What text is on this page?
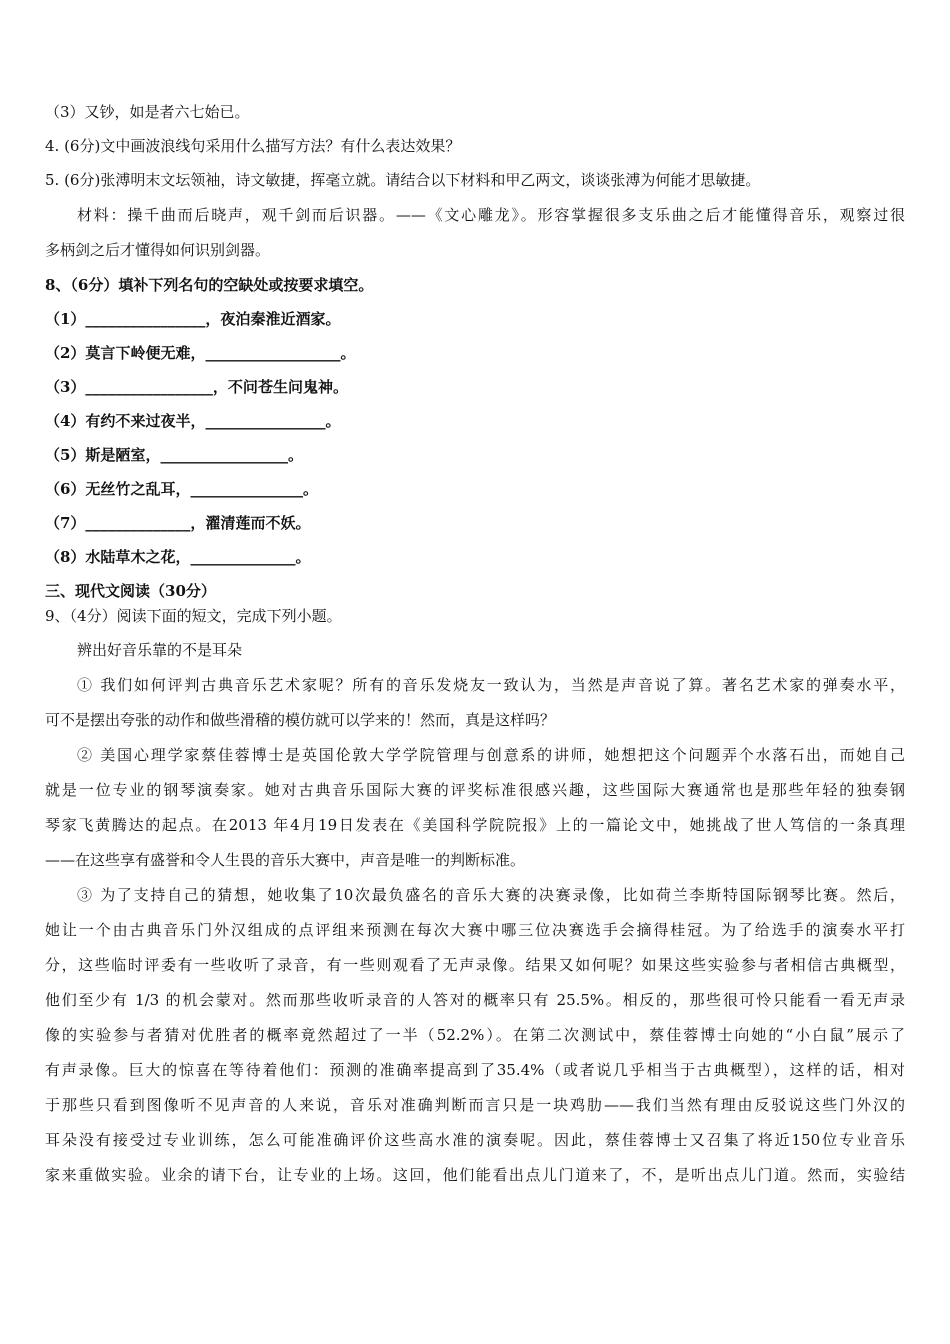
（3）又钞，如是者六七始已。
4. (6分)文中画波浪线句采用什么描写方法？有什么表达效果？
5. (6分)张溥明末文坛领袖，诗文敏捷，挥毫立就。请结合以下材料和甲乙两文，谈谈张溥为何能才思敏捷。
材料：操千曲而后晓声，观千剑而后识器。——《文心雕龙》。形容掌握很多支乐曲之后才能懂得音乐，观察过很
多柄剑之后才懂得如何识别剑器。
8、（6分）填补下列名句的空缺处或按要求填空。
（1）________________，夜泊秦淮近酒家。
（2）莫言下岭便无难，__________________。
（3）_________________，不问苍生问鬼神。
（4）有约不来过夜半，________________。
（5）斯是陋室，_________________。
（6）无丝竹之乱耳，_______________。
（7）______________，濯清莲而不妖。
（8）水陆草木之花，______________。
三、现代文阅读（30分）
9、（4分）阅读下面的短文，完成下列小题。
辨出好音乐靠的不是耳朵
① 我们如何评判古典音乐艺术家呢？所有的音乐发烧友一致认为，当然是声音说了算。著名艺术家的弹奏水平，
可不是摆出夸张的动作和做些滑稽的模仿就可以学来的！然而，真是这样吗？
② 美国心理学家蔡佳蓉博士是英国伦敦大学学院管理与创意系的讲师，她想把这个问题弄个水落石出，而她自己
就是一位专业的钢琴演奏家。她对古典音乐国际大赛的评奖标准很感兴趣，这些国际大赛通常也是那些年轻的独奏钢
琴家飞黄腾达的起点。在2013 年4月19日发表在《美国科学院院报》上的一篇论文中，她挑战了世人笃信的一条真理
——在这些享有盛誉和令人生畏的音乐大赛中，声音是唯一的判断标准。
③ 为了支持自己的猜想，她收集了10次最负盛名的音乐大赛的决赛录像，比如荷兰李斯特国际钢琴比赛。然后，
她让一个由古典音乐门外汉组成的点评组来预测在每次大赛中哪三位决赛选手会摘得桂冠。为了给选手的演奏水平打
分，这些临时评委有一些收听了录音，有一些则观看了无声录像。结果又如何呢？如果这些实验参与者相信古典概型，
他们至少有 1/3 的机会蒙对。然而那些收听录音的人答对的概率只有 25.5%。相反的，那些很可怜只能看一看无声录
像的实验参与者猜对优胜者的概率竟然超过了一半（52.2%）。在第二次测试中，蔡佳蓉博士向她的“小白鼠”展示了
有声录像。巨大的惊喜在等待着他们：预测的准确率提高到了35.4%（或者说几乎相当于古典概型），这样的话，相对
于那些只看到图像听不见声音的人来说，音乐对准确判断而言只是一块鸡肋——我们当然有理由反驳说这些门外汉的
耳朵没有接受过专业训练，怎么可能准确评价这些高水准的演奏呢。因此，蔡佳蓉博士又召集了将近150位专业音乐
家来重做实验。业余的请下台，让专业的上场。这回，他们能看出点儿门道来了，不，是听出点儿门道。然而，实验结
